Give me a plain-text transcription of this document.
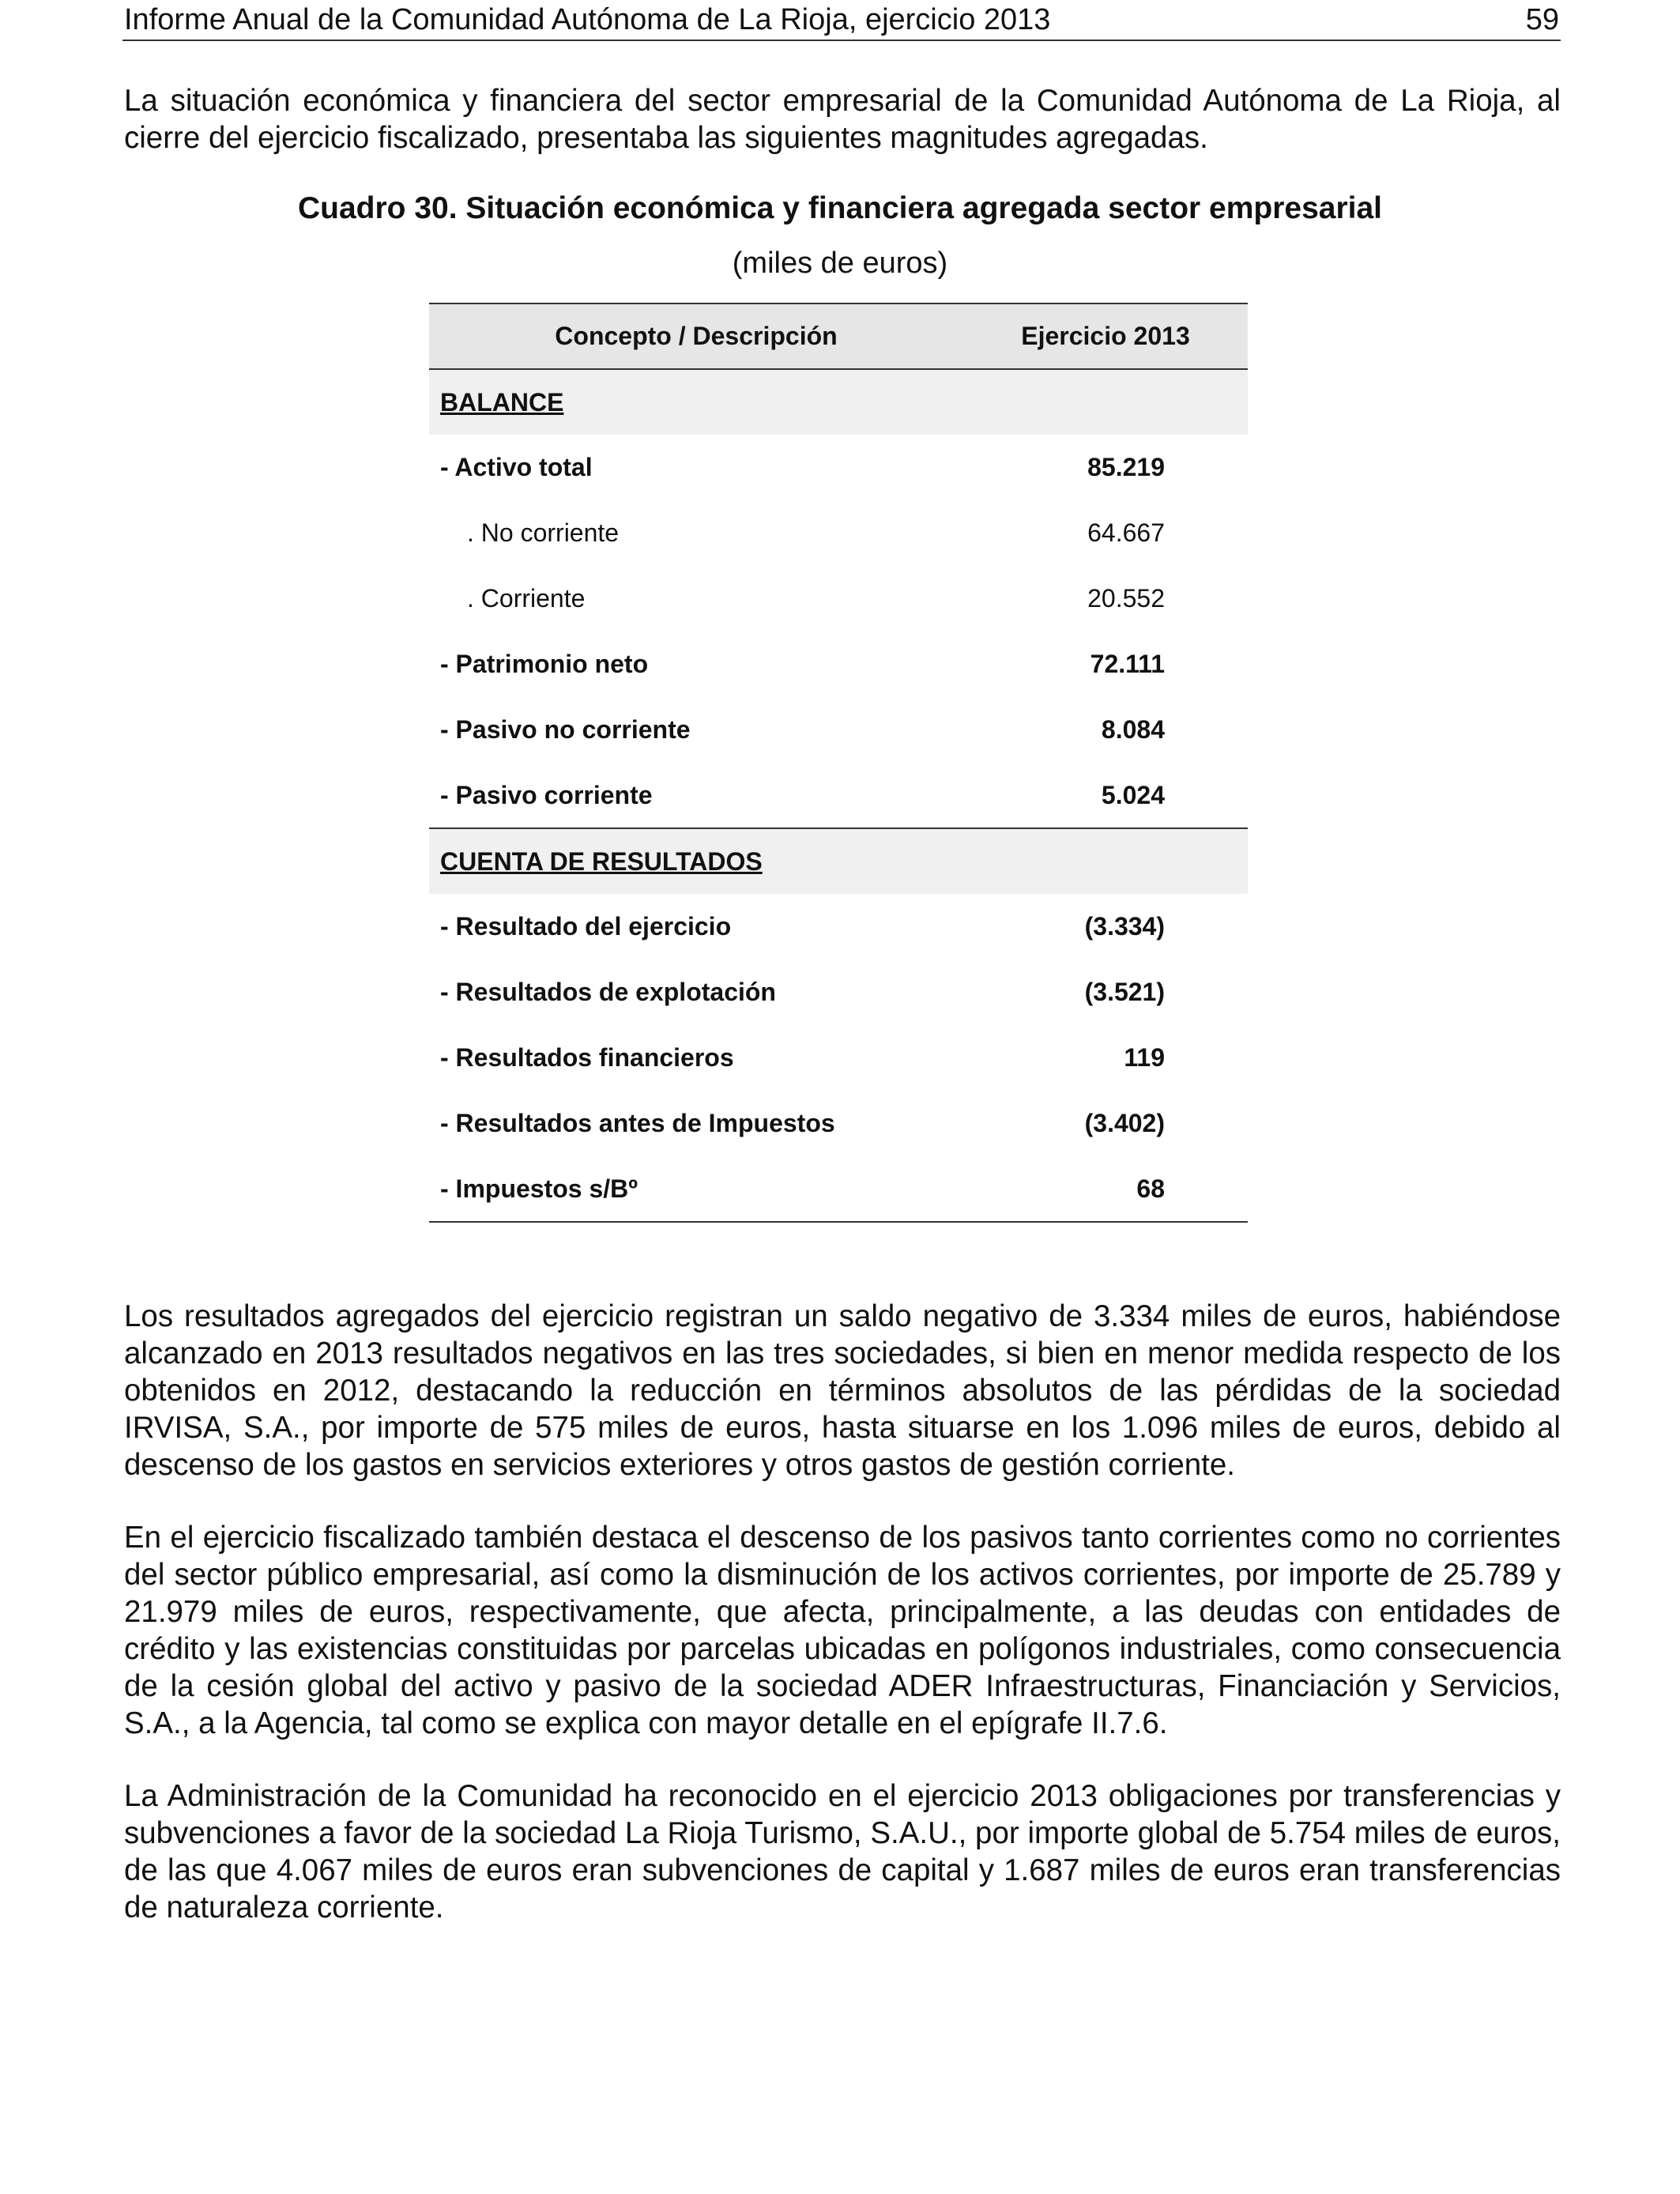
Informe Anual de la Comunidad Autónoma de La Rioja, ejercicio 2013	59

La situación económica y financiera del sector empresarial de la Comunidad Autónoma de La Rioja, al cierre del ejercicio fiscalizado, presentaba las siguientes magnitudes agregadas.

Cuadro 30. Situación económica y financiera agregada sector empresarial
(miles de euros)
Concepto / Descripción	Ejercicio 2013
BALANCE	
- Activo total	85.219
. No corriente	64.667
. Corriente	20.552
- Patrimonio neto	72.111
- Pasivo no corriente	8.084
- Pasivo corriente	5.024
CUENTA DE RESULTADOS	
- Resultado del ejercicio	(3.334)
- Resultados de explotación	(3.521)
- Resultados financieros	119
- Resultados antes de Impuestos	(3.402)
- Impuestos s/Bº	68

Los resultados agregados del ejercicio registran un saldo negativo de 3.334 miles de euros, habiéndose alcanzado en 2013 resultados negativos en las tres sociedades, si bien en menor medida respecto de los obtenidos en 2012, destacando la reducción en términos absolutos de las pérdidas de la sociedad IRVISA, S.A., por importe de 575 miles de euros, hasta situarse en los 1.096 miles de euros, debido al descenso de los gastos en servicios exteriores y otros gastos de gestión corriente.

En el ejercicio fiscalizado también destaca el descenso de los pasivos tanto corrientes como no corrientes del sector público empresarial, así como la disminución de los activos corrientes, por importe de 25.789 y 21.979 miles de euros, respectivamente, que afecta, principalmente, a las deudas con entidades de crédito y las existencias constituidas por parcelas ubicadas en polígonos industriales, como consecuencia de la cesión global del activo y pasivo de la sociedad ADER Infraestructuras, Financiación y Servicios, S.A., a la Agencia, tal como se explica con mayor detalle en el epígrafe II.7.6.

La Administración de la Comunidad ha reconocido en el ejercicio 2013 obligaciones por transferencias y subvenciones a favor de la sociedad La Rioja Turismo, S.A.U., por importe global de 5.754 miles de euros, de las que 4.067 miles de euros eran subvenciones de capital y 1.687 miles de euros eran transferencias de naturaleza corriente.
